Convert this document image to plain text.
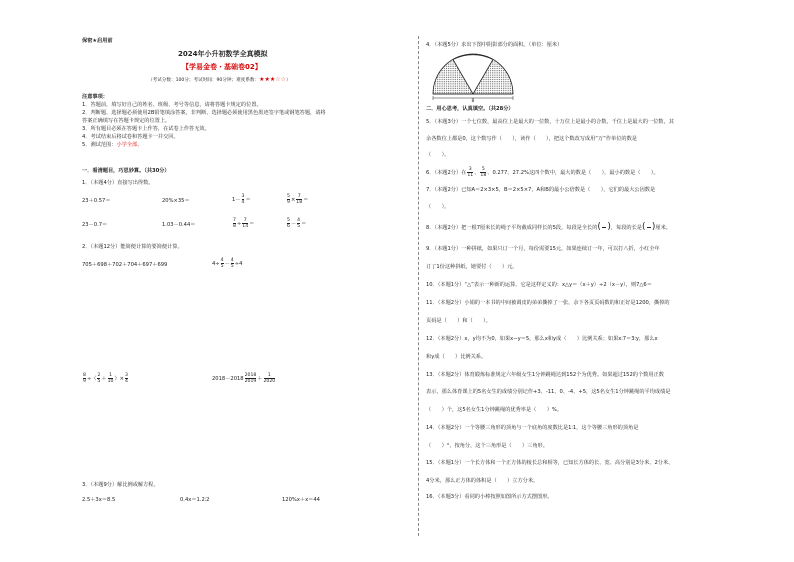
保密★启用前
2024年小升初数学全真模拟
【学易金卷・基础卷02】
（考试分数：100分；考试时间：90分钟；难度系数：★★★☆☆）
注意事项：
1．答题前，填写好自己的姓名、班级、考号等信息，请将答题卡规定的位置。
2．判断题、选择题必须使用2B铅笔填涂答案，非判断、选择题必须使用黑色墨迹签字笔或钢笔答题，请将
答案正确填写在答题卡规定的位置上。
3．所有题目必须在答题卡上作答，在试卷上作答无效。
4．考试结束后将试卷和答题卡一并交回。
5．测试范围：小学全部。
一．看清题目，巧思妙算。（共30分）
1．（本题4分）直接写出得数。
23＋0.57＝	20%×35＝	$1- \frac{3}{4}$ ＝	$\frac{5}{9} \times \frac{7}{18}$ ＝
23－0.7＝	1.03－0.44＝	$\frac{7}{8} \div \frac{7}{14}$ ＝	$\frac{5}{6} - \frac{4}{5}$ ＝
2．（本题12分）能简便计算的要简便计算。
705＋698＋702＋704＋697＋699	$4\div \frac{4}{5} - \frac{4}{5} \div 4$
$\frac{8}{9}$ ÷（ $\frac{2}{5} + \frac{1}{10}$ ）× $\frac{3}{4}$	$2018-2018 \frac{2018}{2019} + \frac{1}{2020}$
3．（本题9分）解比例或解方程。
2.5＋3x＝8.5	0.4x＝1.2∶2	120%x＋x＝44
4．（本题5分）求出下图中阴影部分的面积。（单位：厘米）
8
二．用心思考，认真填空。（共28分）
5．（本题3分）一个七位数，最高位上是最大的一位数，十万位上是最小的合数，千位上是最大的一位数，其
余各数位上都是0，这个数写作（　　），读作（　　），把这个数改写成用“万”作单位的数是
（　　）。
6．（本题2分）在 $\frac{3}{11}$ 、 $\frac{5}{18}$ 、0.277、27.2%这四个数中，最大的数是（　　），最小的数是（　　）。
7．（本题2分）已知A＝2×3×5，B＝2×5×7，A和B的最小公倍数是（　　），它们的最大公因数是
（　　）。
8．（本题2分）把一根7厘米长的绳子平均截成同样长的5段，每段是全长的(

)，每段的长是(

)厘米。
9．（本题1分）一种拼纸，如果只订一个月，每份需要15元，如果连续订一年，可以打八折，小红全年
订了1份这种拼纸，她要付（　　）元。
10．（本题1分）“△”表示一种新的运算，它是这样定义的：x△y＝（x＋y）÷2（x－y），则7△6＝
11．（本题2分）小娟的一本书的中间被调皮的弟弟撕掉了一张，余下各页页码数的和正好是1200，撕掉的
页码是（　　）和（　　）。
12．（本题2分）x，y均不为0，如果x−y＝5，那么x和y成（　　）比例关系；如果x∶7＝3∶y，那么x
和y成（　　）比例关系。
13．（本题2分）体育锻炼标准规定六年级女生1分钟跳绳达到152个为优秀。如果超过152的个数用正数
表示，那么体育课上的5名女生的成绩分别记作+3、-11、0、-4、+5，这5名女生1分钟跳绳的平均成绩是
（　　）个，这5名女生1分钟跳绳的优秀率是（　　）%。
14．（本题2分）一个等腰三角形的顶角与一个底角的度数比是1∶1，这个等腰三角形的顶角是
（　　）°，按角分，这个三角形是（　　）三角形。
15．（本题1分）一个长方体和一个正方体的棱长总和相等，已知长方体的长、宽、高分别是3分米、2分米、
4分米，那么正方体的体积是（　　）立方分米。
16．（本题3分）看同的小棒按照如图所示方式摆图形。
